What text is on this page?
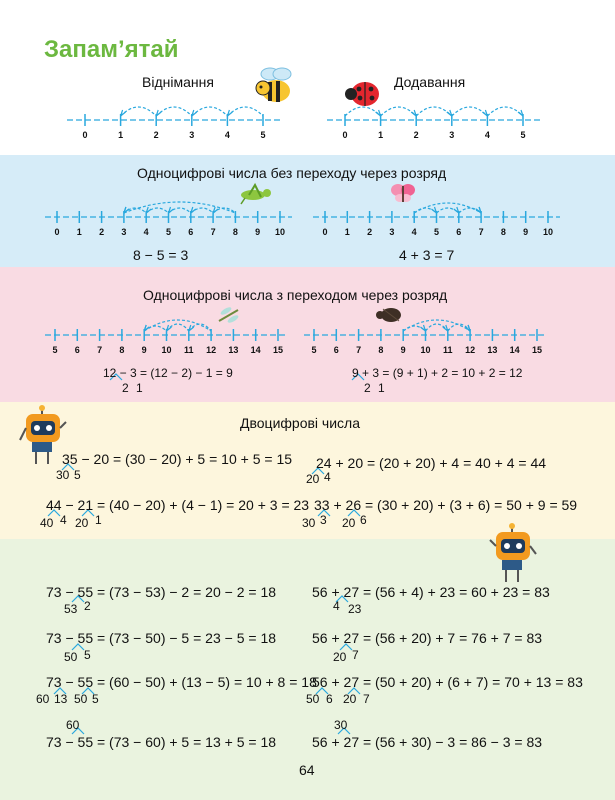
Запам’ятай
Віднімання	Додавання
0	1	2	3	4	5	0	1	2	3	4	5
0	1	2	3	4	5	6	7	8	9	10	0	1	2	3	4	5	6	7	8	9	10
5	6	7	8	9	10 11 12 13 14 15	5	6	7	8	9	10 11 12 13 14 15
Одноцифрові числа без переходу через розряд
8 − 5 = 3	4 + 3 = 7
Одноцифрові числа з переходом через розряд
12 − 3 = (12 − 2) − 1 = 9
2 1
9 + 3 = (9 + 1) + 2 = 10 + 2 = 12
2 1
Двоцифрові числа
35 − 20 = (30 − 20) + 5 = 10 + 5 = 15
30 5
24 + 20 = (20 + 20) + 4 = 40 + 4 = 44
20 4
44 − 21 = (40 − 20) + (4 − 1) = 20 + 3 = 23
40 4 20 1
33 + 26 = (30 + 20) + (3 + 6) = 50 + 9 = 59
30 3 20 6
73 − 55 = (73 − 53) − 2 = 20 − 2 = 18
53 2
56 + 27 = (56 + 4) + 23 = 60 + 23 = 83
4 23
73 − 55 = (73 − 50) − 5 = 23 − 5 = 18
50 5
56 + 27 = (56 + 20) + 7 = 76 + 7 = 83
20 7
73 − 55 = (60 − 50) + (13 − 5) = 10 + 8 = 18
60 13 50 5
56 + 27 = (50 + 20) + (6 + 7) = 70 + 13 = 83
50 6 20 7
60
73 − 55 = (73 − 60) + 5 = 13 + 5 = 18
30
56 + 27 = (56 + 30) − 3 = 86 − 3 = 83
64
